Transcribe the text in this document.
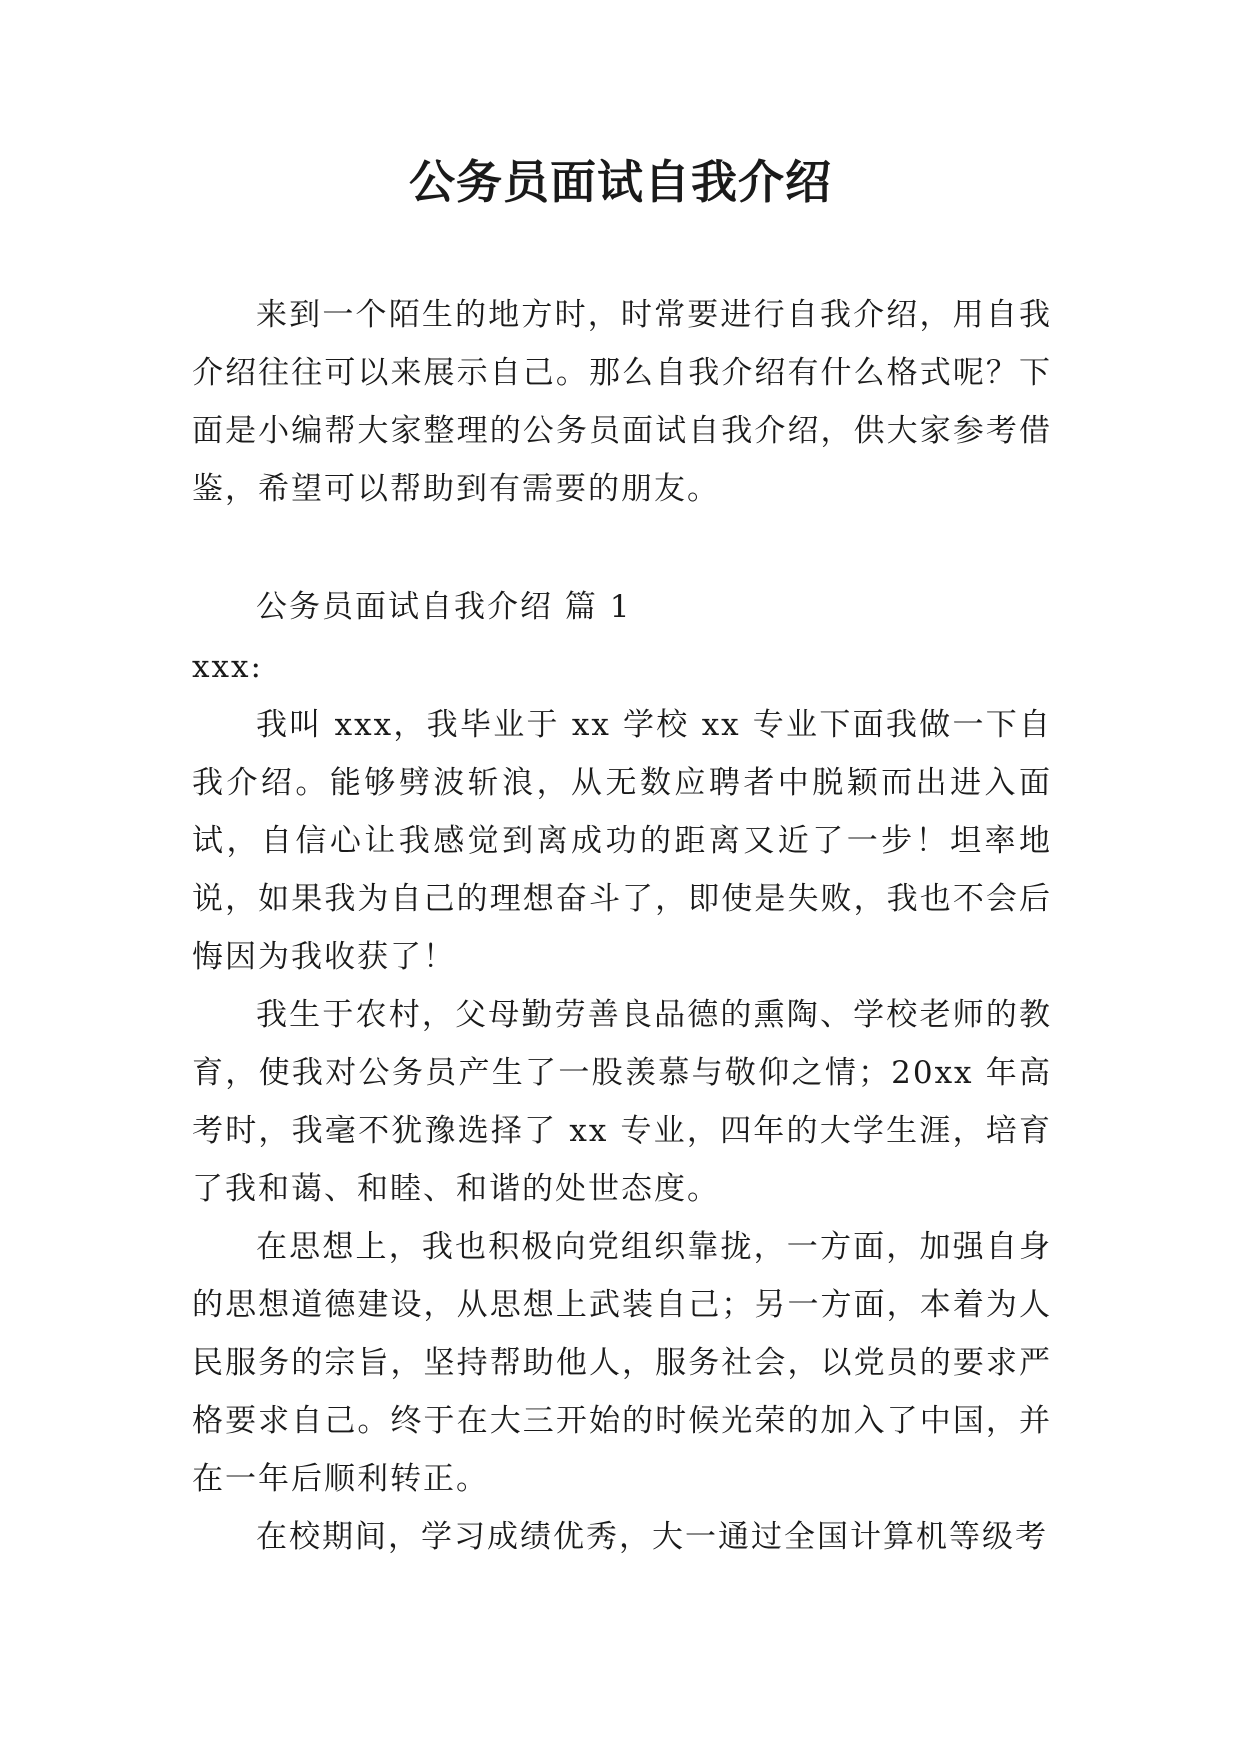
公务员面试自我介绍

来到一个陌生的地方时，时常要进行自我介绍，用自我介绍往往可以来展示自己。那么自我介绍有什么格式呢？下面是小编帮大家整理的公务员面试自我介绍，供大家参考借鉴，希望可以帮助到有需要的朋友。

公务员面试自我介绍 篇 1

xxx:

我叫 xxx，我毕业于 xx 学校 xx 专业下面我做一下自我介绍。能够劈波斩浪，从无数应聘者中脱颖而出进入面试，自信心让我感觉到离成功的距离又近了一步！坦率地说，如果我为自己的理想奋斗了，即使是失败，我也不会后悔因为我收获了！

我生于农村，父母勤劳善良品德的熏陶、学校老师的教育，使我对公务员产生了一股羡慕与敬仰之情；20xx 年高考时，我毫不犹豫选择了 xx 专业，四年的大学生涯，培育了我和蔼、和睦、和谐的处世态度。

在思想上，我也积极向党组织靠拢，一方面，加强自身的思想道德建设，从思想上武装自己；另一方面，本着为人民服务的宗旨，坚持帮助他人，服务社会，以党员的要求严格要求自己。终于在大三开始的时候光荣的加入了中国，并在一年后顺利转正。

在校期间，学习成绩优秀，大一通过全国计算机等级考
